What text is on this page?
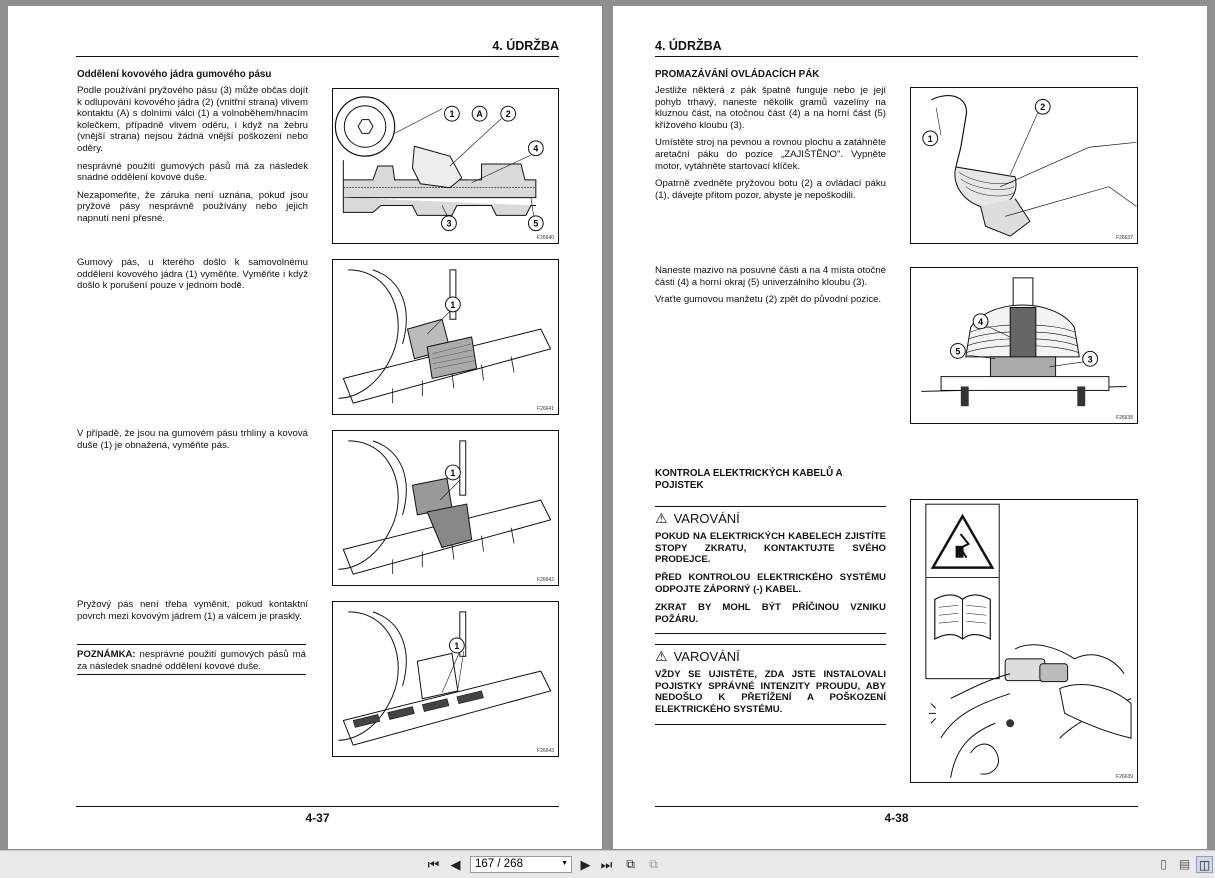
4. ÚDRŽBA
Oddělení kovového jádra gumového pásu

Podle používání pryžového pásu (3) může občas dojít k odlupování kovového jádra (2) (vnitřní strana) vlivem kontaktu (A) s dolními válci (1) a volnoběhem/hnacím kolečkem, případně vlivem oděru, i když na žebru (vnější strana) nejsou žádná vnější poškození nebo oděry.

nesprávné použití gumových pásů má za následek snadné oddělení kovové duše.

Nezapomeňte, že záruka není uznána, pokud jsou pryžové pásy nesprávně používány nebo jejich napnutí není přesné.

Gumový pás, u kterého došlo k samovolnému oddělení kovového jádra (1) vyměňte. Vyměňte i když došlo k porušení pouze v jednom bodě.

V případě, že jsou na gumovém pásu trhliny a kovová duše (1) je obnažená, vyměňte pás.

Pryžový pás není třeba vyměnit, pokud kontaktní povrch mezi kovovým jádrem (1) a válcem je praskly.

POZNÁMKA: nesprávné použití gumových pásů má za následek snadné oddělení kovové duše.
1 A	2
4
3	5
F26640
1
F26641
1
F26642
1
F26643
4-37
4. ÚDRŽBA
PROMAZÁVÁNÍ OVLÁDACÍCH PÁK

Jestliže některá z pák špatně funguje nebo je její pohyb trhavý, naneste několik gramů vazelíny na kluznou část, na otočnou část (4) a na horní část (5) křížového kloubu (3).

Umístěte stroj na pevnou a rovnou plochu a zatáhněte aretační páku do pozice „ZAJIŠTĚNO". Vypněte motor, vytáhněte startovací klíček.

Opatrně zvedněte pryžovou botu (2) a ovládací páku (1), dávejte přitom pozor, abyste je nepoškodili.

Naneste mazivo na posuvné části a na 4 místa otočné části (4) a horní okraj (5) univerzálního kloubu (3).

Vraťte gumovou manžetu (2) zpět do původní pozice.

KONTROLA ELEKTRICKÝCH KABELŮ A POJISTEK
⚠ VAROVÁNÍ

POKUD NA ELEKTRICKÝCH KABELECH ZJISTÍTE STOPY ZKRATU, KONTAKTUJTE SVÉHO PRODEJCE.

PŘED KONTROLOU ELEKTRICKÉHO SYSTÉMU ODPOJTE ZÁPORNÝ (-) KABEL.

ZKRAT BY MOHL BÝT PŘÍČINOU VZNIKU POŽÁRU.

⚠ VAROVÁNÍ

VŽDY SE UJISTĚTE, ZDA JSTE INSTALOVALI POJISTKY SPRÁVNÉ INTENZITY PROUDU, ABY NEDOŠLO K PŘETÍŽENÍ A POŠKOZENÍ ELEKTRICKÉHO SYSTÉMU.

2
1
F26637
4
5
3
F26638
F26639
4-38
⏮ ◀	167 / 268	▼ ▶ ⏭	⧉	⧉	▯	▤ ◫
